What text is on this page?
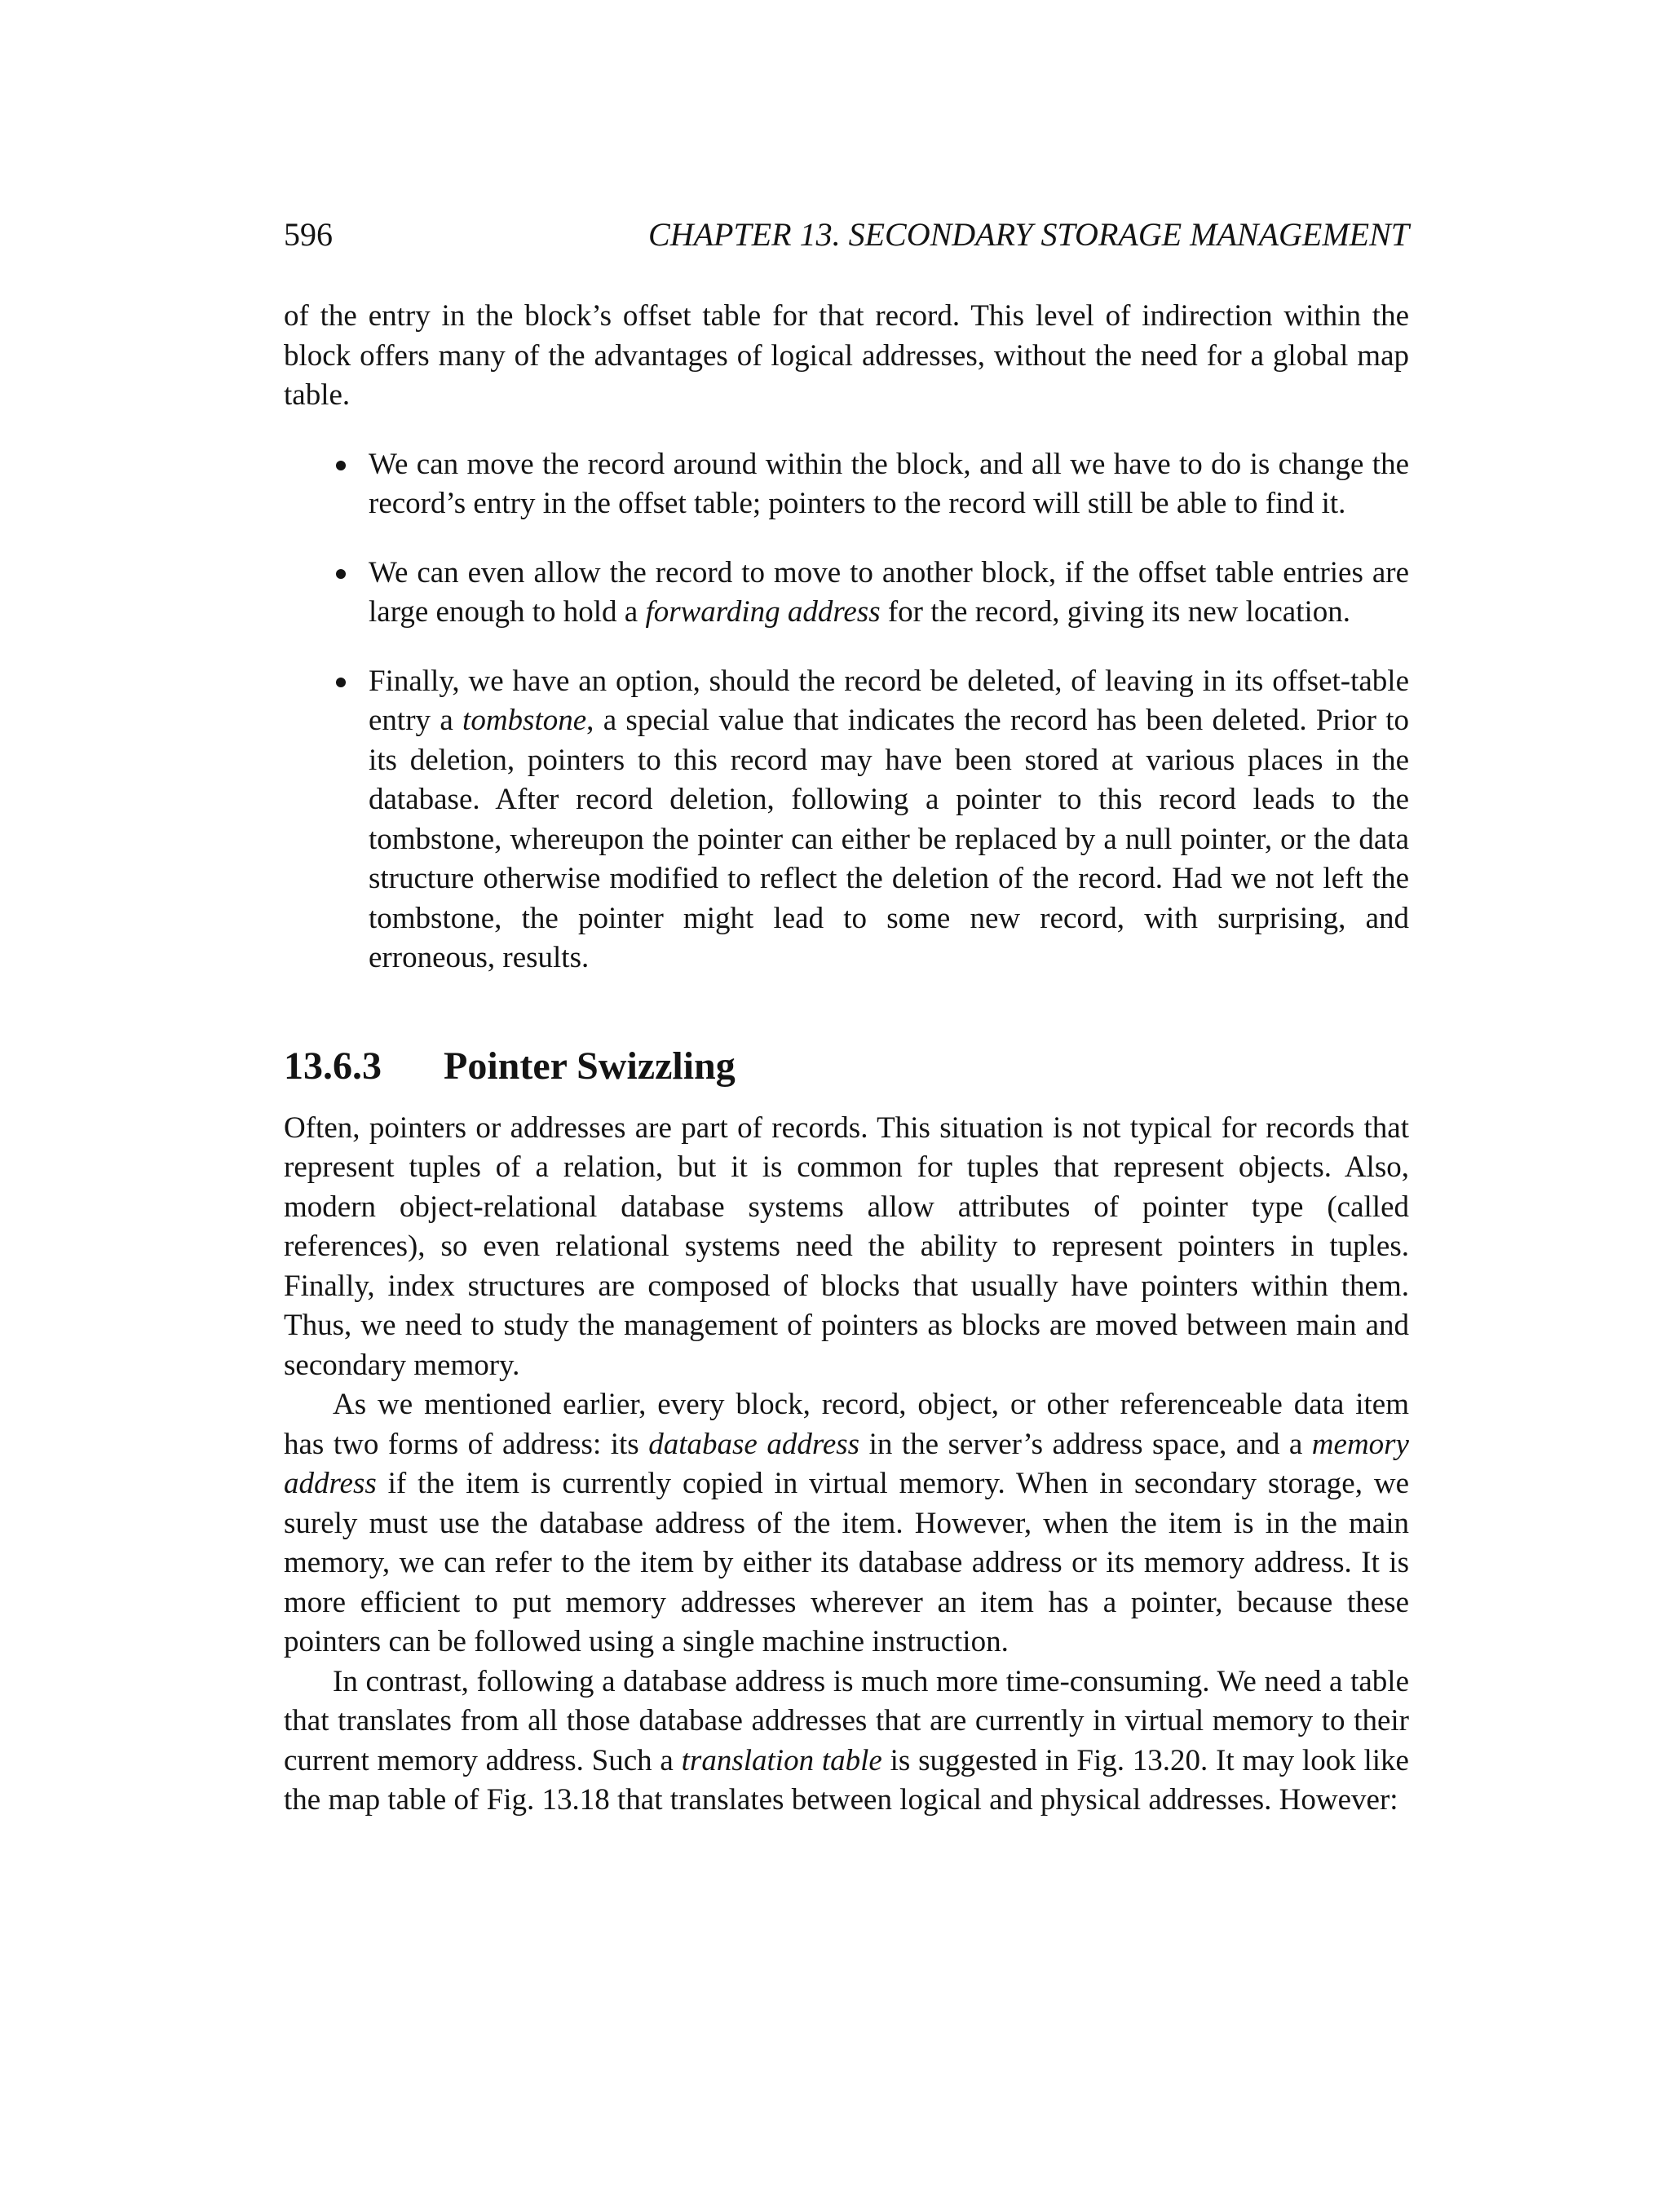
596	CHAPTER 13. SECONDARY STORAGE MANAGEMENT

of the entry in the block’s offset table for that record. This level of indirection within the block offers many of the advantages of logical addresses, without the need for a global map table.

We can move the record around within the block, and all we have to do is change the record’s entry in the offset table; pointers to the record will still be able to find it.
We can even allow the record to move to another block, if the offset table entries are large enough to hold a forwarding address for the record, giving its new location.
Finally, we have an option, should the record be deleted, of leaving in its offset-table entry a tombstone, a special value that indicates the record has been deleted. Prior to its deletion, pointers to this record may have been stored at various places in the database. After record deletion, following a pointer to this record leads to the tombstone, whereupon the pointer can either be replaced by a null pointer, or the data structure otherwise modified to reflect the deletion of the record. Had we not left the tombstone, the pointer might lead to some new record, with surprising, and erroneous, results.
13.6.3 Pointer Swizzling

Often, pointers or addresses are part of records. This situation is not typical for records that represent tuples of a relation, but it is common for tuples that represent objects. Also, modern object-relational database systems allow attributes of pointer type (called references), so even relational systems need the ability to represent pointers in tuples. Finally, index structures are composed of blocks that usually have pointers within them. Thus, we need to study the management of pointers as blocks are moved between main and secondary memory.

As we mentioned earlier, every block, record, object, or other referenceable data item has two forms of address: its database address in the server’s address space, and a memory address if the item is currently copied in virtual memory. When in secondary storage, we surely must use the database address of the item. However, when the item is in the main memory, we can refer to the item by either its database address or its memory address. It is more efficient to put memory addresses wherever an item has a pointer, because these pointers can be followed using a single machine instruction.

In contrast, following a database address is much more time-consuming. We need a table that translates from all those database addresses that are currently in virtual memory to their current memory address. Such a translation table is suggested in Fig. 13.20. It may look like the map table of Fig. 13.18 that translates between logical and physical addresses. However:
